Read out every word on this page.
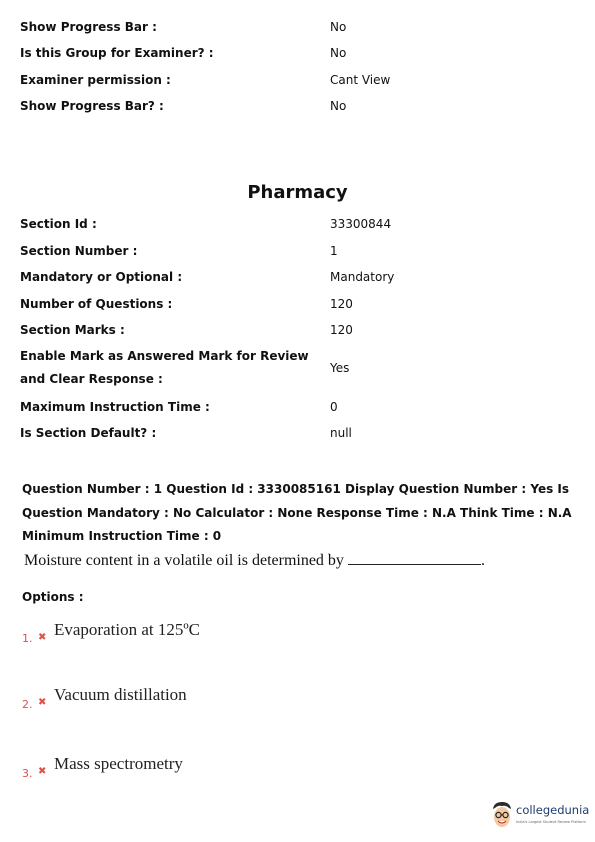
Show Progress Bar :	No
Is this Group for Examiner? :	No
Examiner permission :	Cant View
Show Progress Bar? :	No
Pharmacy
Section Id :	33300844
Section Number :	1
Mandatory or Optional :	Mandatory
Number of Questions :	120
Section Marks :	120
Enable Mark as Answered Mark for Review and Clear Response :
Yes
Maximum Instruction Time :	0
Is Section Default? :	null
Question Number : 1 Question Id : 3330085161 Display Question Number : Yes Is Question Mandatory : No Calculator : None Response Time : N.A Think Time : N.A Minimum Instruction Time : 0
Moisture content in a volatile oil is determined by	.
Options :
1. ✖ Evaporation at 125ºC
2. ✖ Vacuum distillation
3. ✖ Mass spectrometry
collegedunia
India's Largest Student Review Platform
